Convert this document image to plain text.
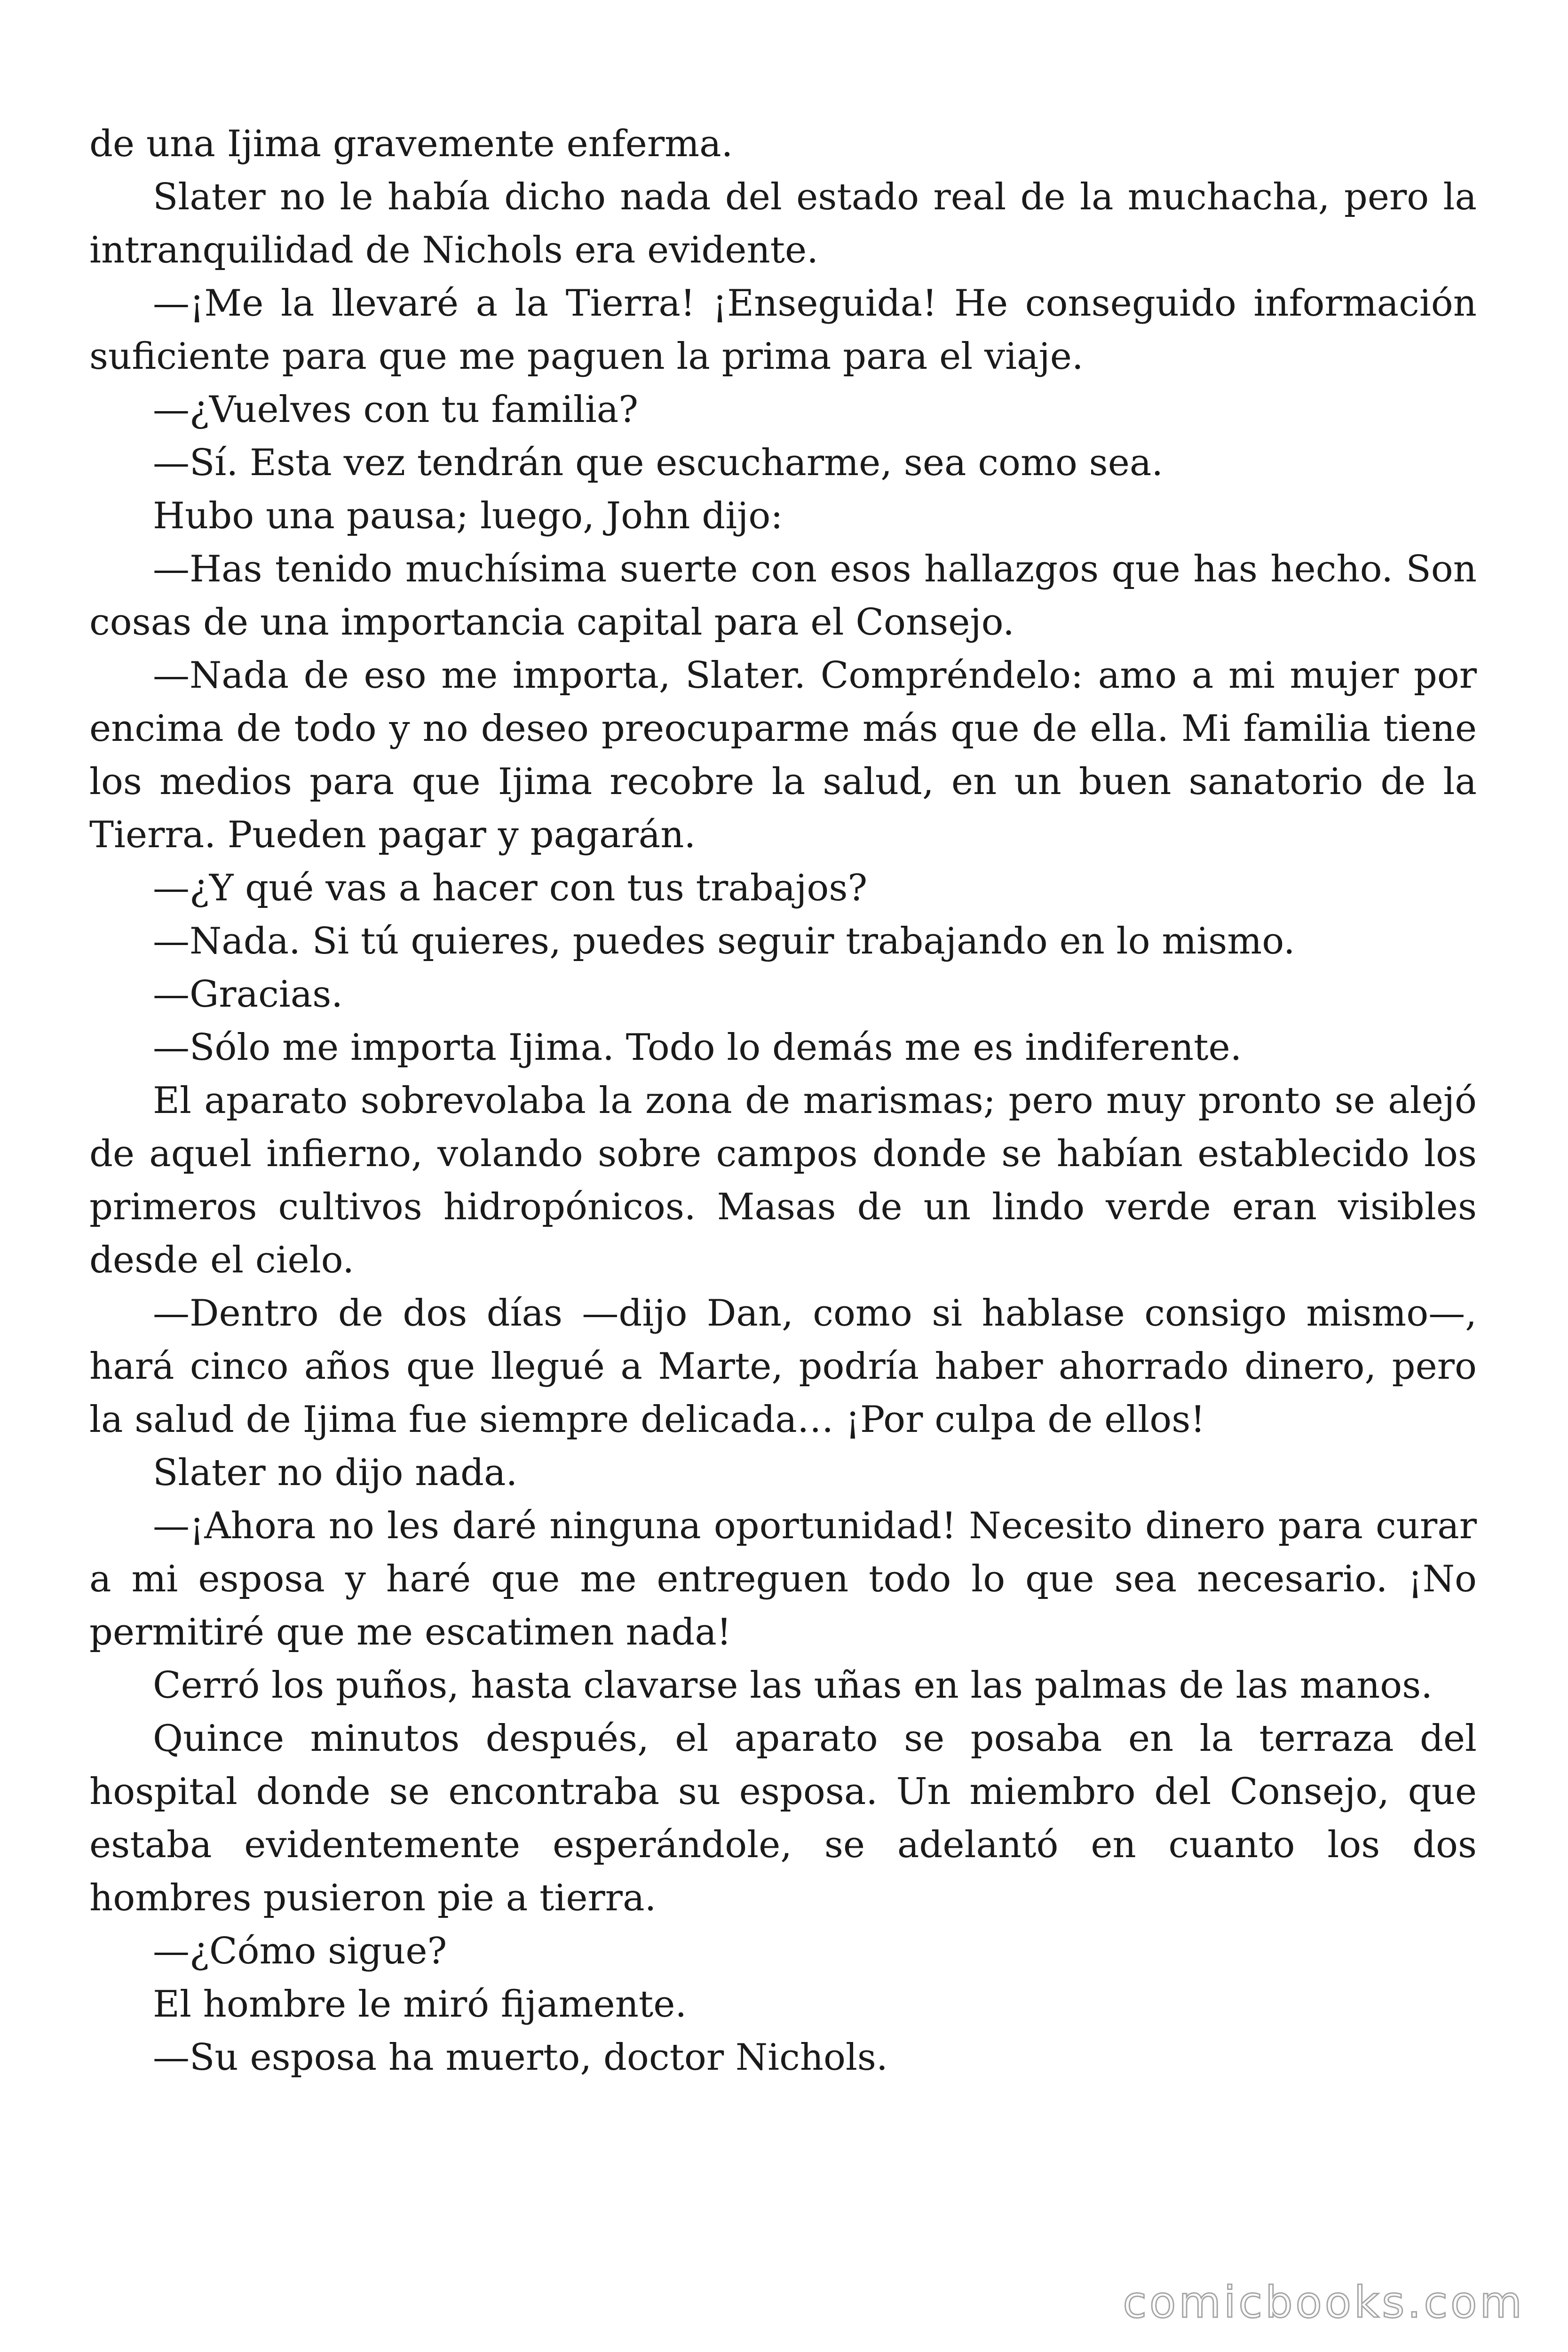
de una Ijima gravemente enferma.

Slater no le había dicho nada del estado real de la muchacha, pero la intranquilidad de Nichols era evidente.

—¡Me la llevaré a la Tierra! ¡Enseguida! He conseguido información suficiente para que me paguen la prima para el viaje.

—¿Vuelves con tu familia?

—Sí. Esta vez tendrán que escucharme, sea como sea.

Hubo una pausa; luego, John dijo:

—Has tenido muchísima suerte con esos hallazgos que has hecho. Son cosas de una importancia capital para el Consejo.

—Nada de eso me importa, Slater. Compréndelo: amo a mi mujer por encima de todo y no deseo preocuparme más que de ella. Mi familia tiene los medios para que Ijima recobre la salud, en un buen sanatorio de la Tierra. Pueden pagar y pagarán.

—¿Y qué vas a hacer con tus trabajos?

—Nada. Si tú quieres, puedes seguir trabajando en lo mismo.

—Gracias.

—Sólo me importa Ijima. Todo lo demás me es indiferente.

El aparato sobrevolaba la zona de marismas; pero muy pronto se alejó de aquel infierno, volando sobre campos donde se habían establecido los primeros cultivos hidropónicos. Masas de un lindo verde eran visibles desde el cielo.

—Dentro de dos días —dijo Dan, como si hablase consigo mismo—, hará cinco años que llegué a Marte, podría haber ahorrado dinero, pero la salud de Ijima fue siempre delicada… ¡Por culpa de ellos!

Slater no dijo nada.

—¡Ahora no les daré ninguna oportunidad! Necesito dinero para curar a mi esposa y haré que me entreguen todo lo que sea necesario. ¡No permitiré que me escatimen nada!

Cerró los puños, hasta clavarse las uñas en las palmas de las manos.

Quince minutos después, el aparato se posaba en la terraza del hospital donde se encontraba su esposa. Un miembro del Consejo, que estaba evidentemente esperándole, se adelantó en cuanto los dos hombres pusieron pie a tierra.

—¿Cómo sigue?

El hombre le miró fijamente.

—Su esposa ha muerto, doctor Nichols.

comicbooks.com
